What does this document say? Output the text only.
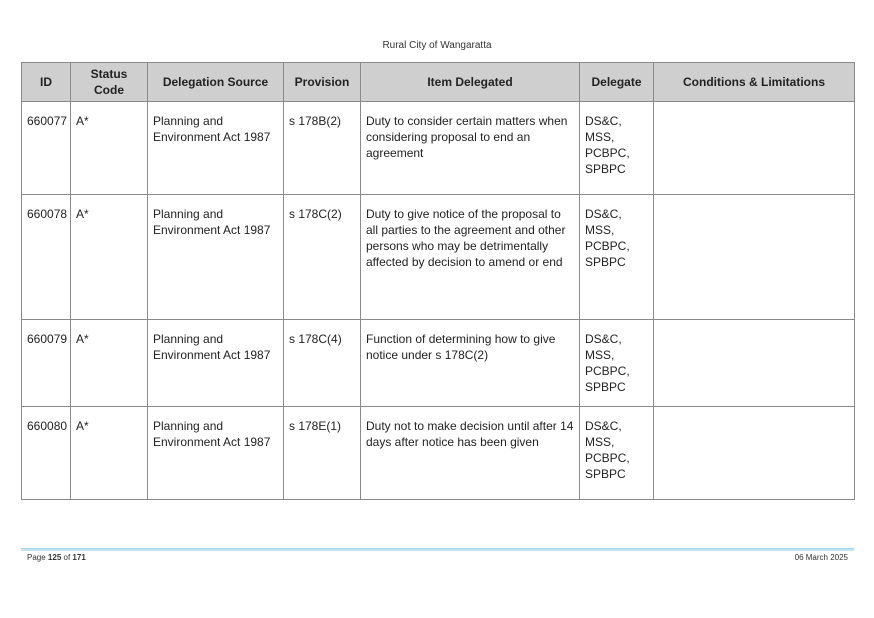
Rural City of Wangaratta
ID	Status Code	Delegation Source	Provision	Item Delegated	Delegate	Conditions & Limitations
660077	A*	Planning and Environment Act 1987	s 178B(2)	Duty to consider certain matters when considering proposal to end an agreement	DS&C,
MSS,
PCBPC,
SPBPC	

660078	A*	Planning and Environment Act 1987	s 178C(2)	Duty to give notice of the proposal to all parties to the agreement and other persons who may be detrimentally affected by decision to amend or end	DS&C,
MSS,
PCBPC,
SPBPC	

660079	A*	Planning and Environment Act 1987	s 178C(4)	Function of determining how to give notice under s 178C(2)	DS&C,
MSS,
PCBPC,
SPBPC	

660080	A*	Planning and Environment Act 1987	s 178E(1)	Duty not to make decision until after 14 days after notice has been given	DS&C,
MSS,
PCBPC,
SPBPC	

Page 125 of 171	06 March 2025
